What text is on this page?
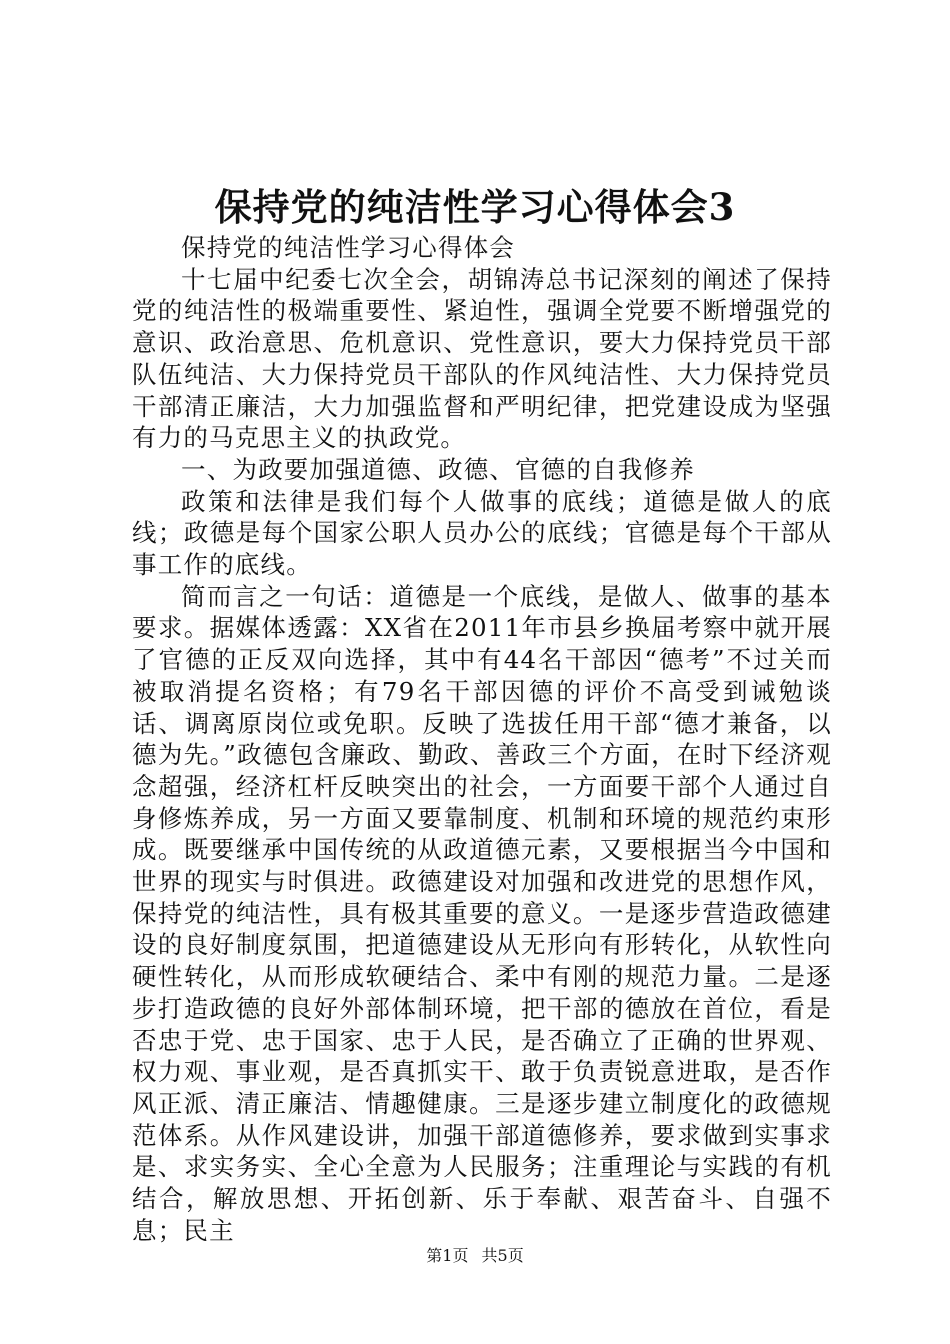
保持党的纯洁性学习心得体会3

保持党的纯洁性学习心得体会

十七届中纪委七次全会，胡锦涛总书记深刻的阐述了保持党的纯洁性的极端重要性、紧迫性，强调全党要不断增强党的意识、政治意思、危机意识、党性意识，要大力保持党员干部队伍纯洁、大力保持党员干部队的作风纯洁性、大力保持党员干部清正廉洁，大力加强监督和严明纪律，把党建设成为坚强有力的马克思主义的执政党。

一、为政要加强道德、政德、官德的自我修养

政策和法律是我们每个人做事的底线；道德是做人的底线；政德是每个国家公职人员办公的底线；官德是每个干部从事工作的底线。

简而言之一句话：道德是一个底线，是做人、做事的基本要求。据媒体透露：XX省在2011年市县乡换届考察中就开展了官德的正反双向选择，其中有44名干部因“德考”不过关而被取消提名资格；有79名干部因德的评价不高受到诫勉谈话、调离原岗位或免职。反映了选拔任用干部“德才兼备，以德为先。”政德包含廉政、勤政、善政三个方面，在时下经济观念超强，经济杠杆反映突出的社会，一方面要干部个人通过自身修炼养成，另一方面又要靠制度、机制和环境的规范约束形成。既要继承中国传统的从政道德元素，又要根据当今中国和世界的现实与时俱进。政德建设对加强和改进党的思想作风，保持党的纯洁性，具有极其重要的意义。一是逐步营造政德建设的良好制度氛围，把道德建设从无形向有形转化，从软性向硬性转化，从而形成软硬结合、柔中有刚的规范力量。二是逐步打造政德的良好外部体制环境，把干部的德放在首位，看是否忠于党、忠于国家、忠于人民，是否确立了正确的世界观、权力观、事业观，是否真抓实干、敢于负责锐意进取，是否作风正派、清正廉洁、情趣健康。三是逐步建立制度化的政德规范体系。从作风建设讲，加强干部道德修养，要求做到实事求是、求实务实、全心全意为人民服务；注重理论与实践的有机结合，解放思想、开拓创新、乐于奉献、艰苦奋斗、自强不息；民主

第1页 共5页
